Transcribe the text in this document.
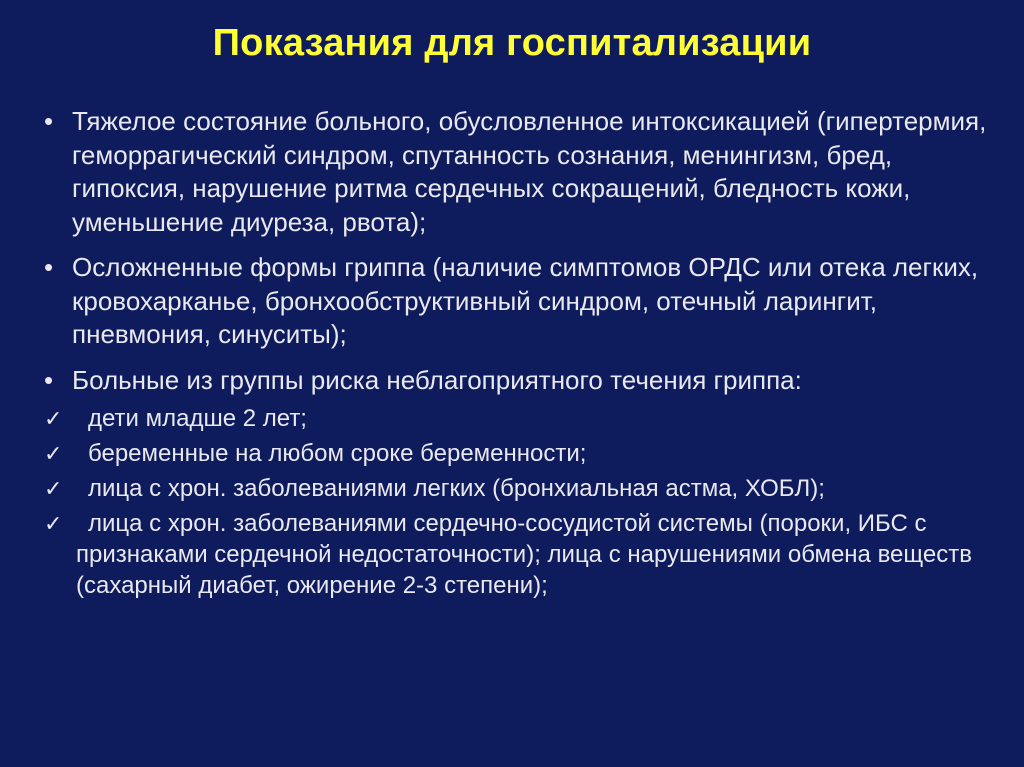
Показания для госпитализации
• Тяжелое состояние больного, обусловленное интоксикацией (гипертермия, геморрагический синдром, спутанность сознания, менингизм, бред, гипоксия, нарушение ритма сердечных сокращений, бледность кожи, уменьшение диуреза, рвота);
• Осложненные формы гриппа (наличие симптомов ОРДС или отека легких, кровохарканье, бронхообструктивный синдром, отечный ларингит, пневмония, синуситы);
• Больные из группы риска неблагоприятного течения гриппа:
✓ дети младше 2 лет;
✓ беременные на любом сроке беременности;
✓ лица с хрон. заболеваниями легких (бронхиальная астма, ХОБЛ);
✓ лица с хрон. заболеваниями сердечно-сосудистой системы (пороки, ИБС с признаками сердечной недостаточности); лица с нарушениями обмена веществ (сахарный диабет, ожирение 2-3 степени);
